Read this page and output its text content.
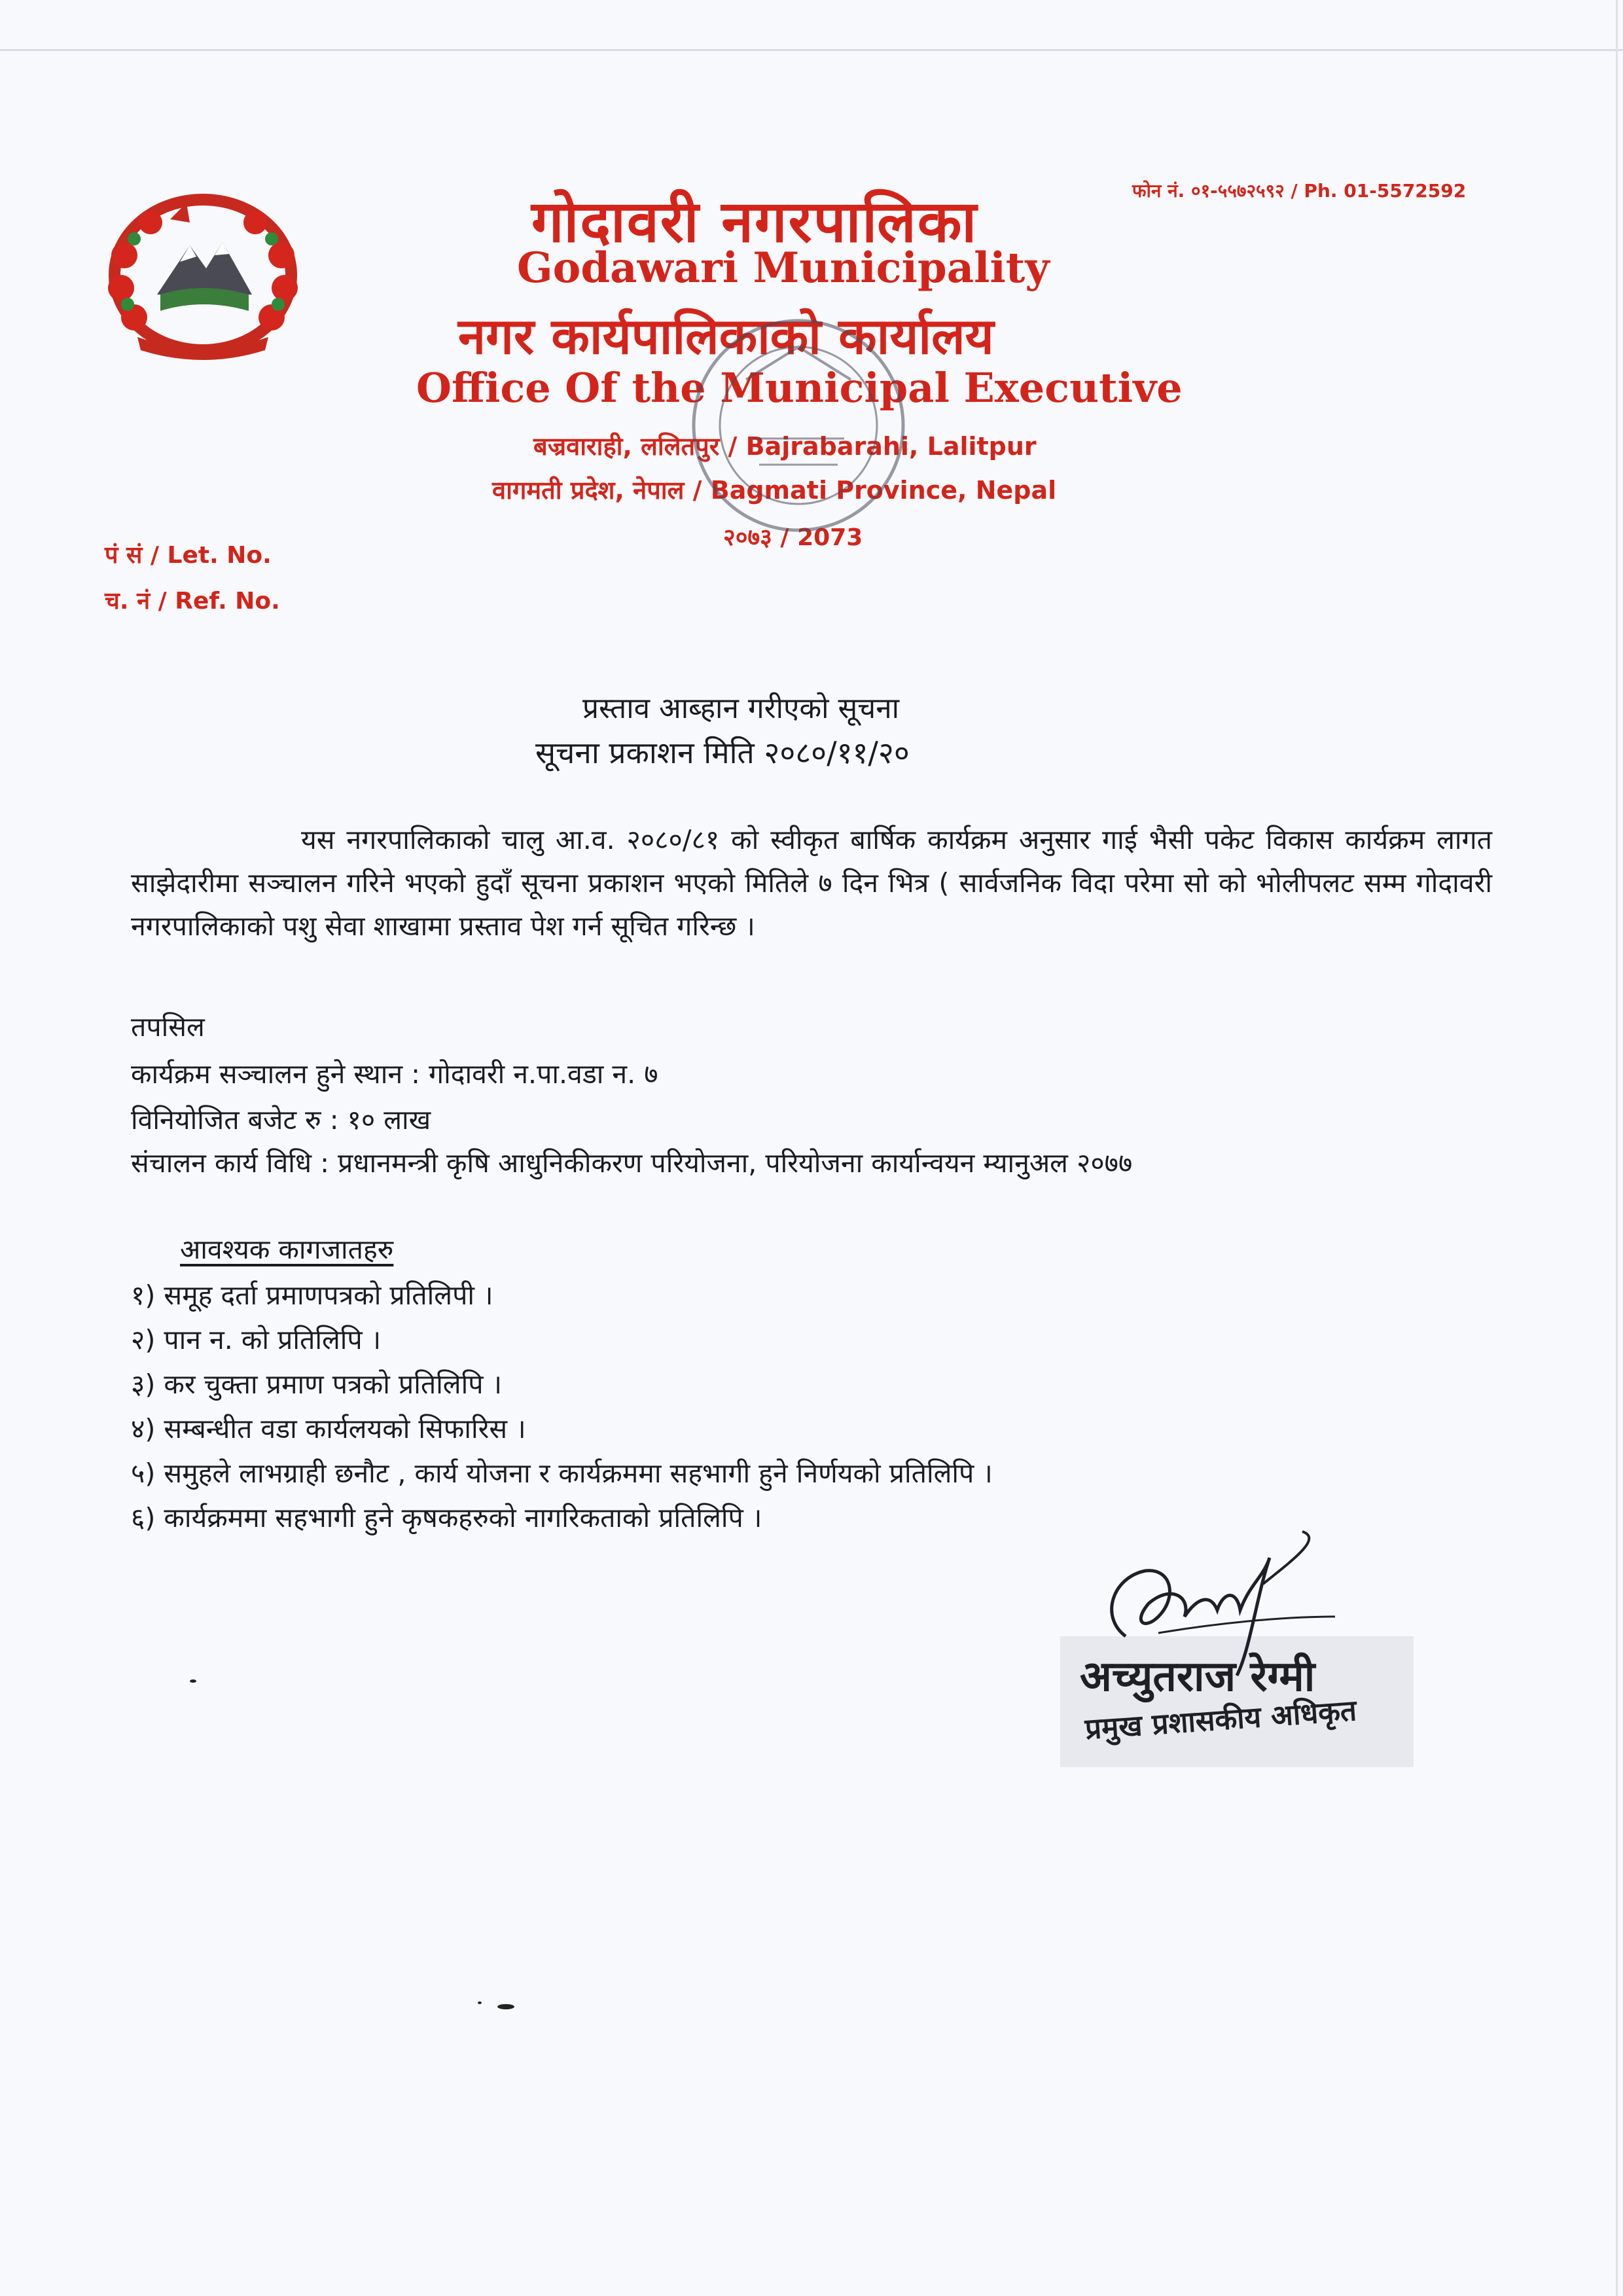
फोन नं. ०१-५५७२५९२ / Ph. 01-5572592
गोदावरी नगरपालिका
Godawari Municipality
नगर कार्यपालिकाको कार्यालय
Office Of the Municipal Executive
बज्रवाराही, ललितपुर / Bajrabarahi, Lalitpur
वागमती प्रदेश, नेपाल / Bagmati Province, Nepal
२०७३ / 2073
पं सं / Let. No.
च. नं / Ref. No.
प्रस्ताव आब्हान गरीएको सूचना
सूचना प्रकाशन मिति २०८०/११/२०
यस नगरपालिकाको चालु आ.व. २०८०/८१ को स्वीकृत बार्षिक कार्यक्रम अनुसार गाई भैसी पकेट विकास कार्यक्रम लागत साझेदारीमा सञ्चालन गरिने भएको हुदाँ सूचना प्रकाशन भएको मितिले ७ दिन भित्र ( सार्वजनिक विदा परेमा सो को भोलीपलट सम्म गोदावरी नगरपालिकाको पशु सेवा शाखामा प्रस्ताव पेश गर्न सूचित गरिन्छ ।
तपसिल
कार्यक्रम सञ्चालन हुने स्थान : गोदावरी न.पा.वडा न. ७
विनियोजित बजेट रु : १० लाख
संचालन कार्य विधि : प्रधानमन्त्री कृषि आधुनिकीकरण परियोजना, परियोजना कार्यान्वयन म्यानुअल २०७७
आवश्यक कागजातहरु
१) समूह दर्ता प्रमाणपत्रको प्रतिलिपी ।
२) पान न. को प्रतिलिपि ।
३) कर चुक्ता प्रमाण पत्रको प्रतिलिपि ।
४) सम्बन्धीत वडा कार्यलयको सिफारिस ।
५) समुहले लाभग्राही छनौट , कार्य योजना र कार्यक्रममा सहभागी हुने निर्णयको प्रतिलिपि ।
६) कार्यक्रममा सहभागी हुने कृषकहरुको नागरिकताको प्रतिलिपि ।
अच्युतराज रेग्मी
प्रमुख प्रशासकीय अधिकृत
